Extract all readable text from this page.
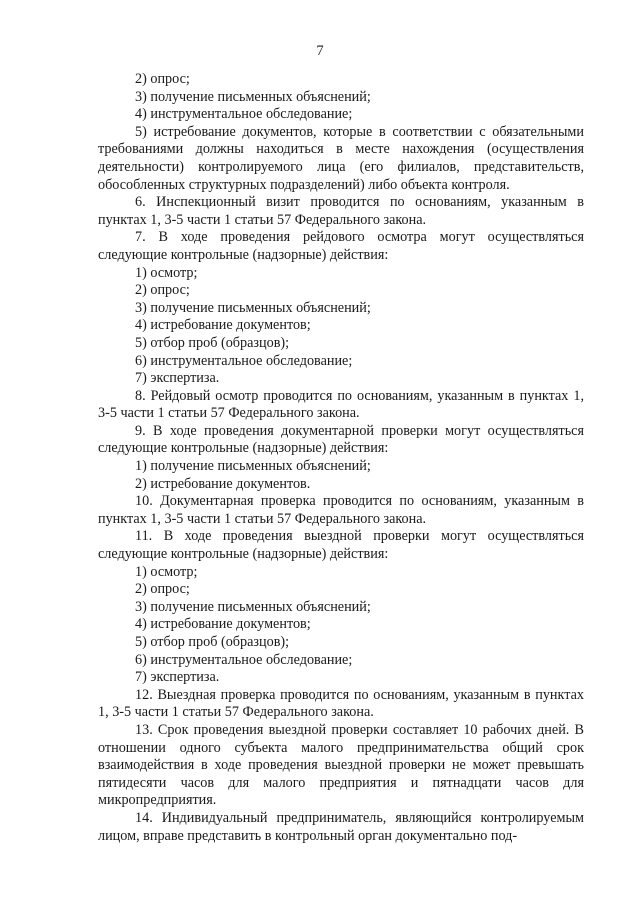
7

2) опрос;

3) получение письменных объяснений;

4) инструментальное обследование;

5) истребование документов, которые в соответствии с обязательными требованиями должны находиться в месте нахождения (осуществления деятельности) контролируемого лица (его филиалов, представительств, обособленных структурных подразделений) либо объекта контроля.

6. Инспекционный визит проводится по основаниям, указанным в пунктах 1, 3-5 части 1 статьи 57 Федерального закона.

7. В ходе проведения рейдового осмотра могут осуществляться следующие контрольные (надзорные) действия:

1) осмотр;

2) опрос;

3) получение письменных объяснений;

4) истребование документов;

5) отбор проб (образцов);

6) инструментальное обследование;

7) экспертиза.

8. Рейдовый осмотр проводится по основаниям, указанным в пунктах 1, 3-5 части 1 статьи 57 Федерального закона.

9. В ходе проведения документарной проверки могут осуществляться следующие контрольные (надзорные) действия:

1) получение письменных объяснений;

2) истребование документов.

10. Документарная проверка проводится по основаниям, указанным в пунктах 1, 3-5 части 1 статьи 57 Федерального закона.

11. В ходе проведения выездной проверки могут осуществляться следующие контрольные (надзорные) действия:

1) осмотр;

2) опрос;

3) получение письменных объяснений;

4) истребование документов;

5) отбор проб (образцов);

6) инструментальное обследование;

7) экспертиза.

12. Выездная проверка проводится по основаниям, указанным в пунктах 1, 3-5 части 1 статьи 57 Федерального закона.

13. Срок проведения выездной проверки составляет 10 рабочих дней. В отношении одного субъекта малого предпринимательства общий срок взаимодействия в ходе проведения выездной проверки не может превышать пятидесяти часов для малого предприятия и пятнадцати часов для микропредприятия.

14. Индивидуальный предприниматель, являющийся контролируемым лицом, вправе представить в контрольный орган документально под-
